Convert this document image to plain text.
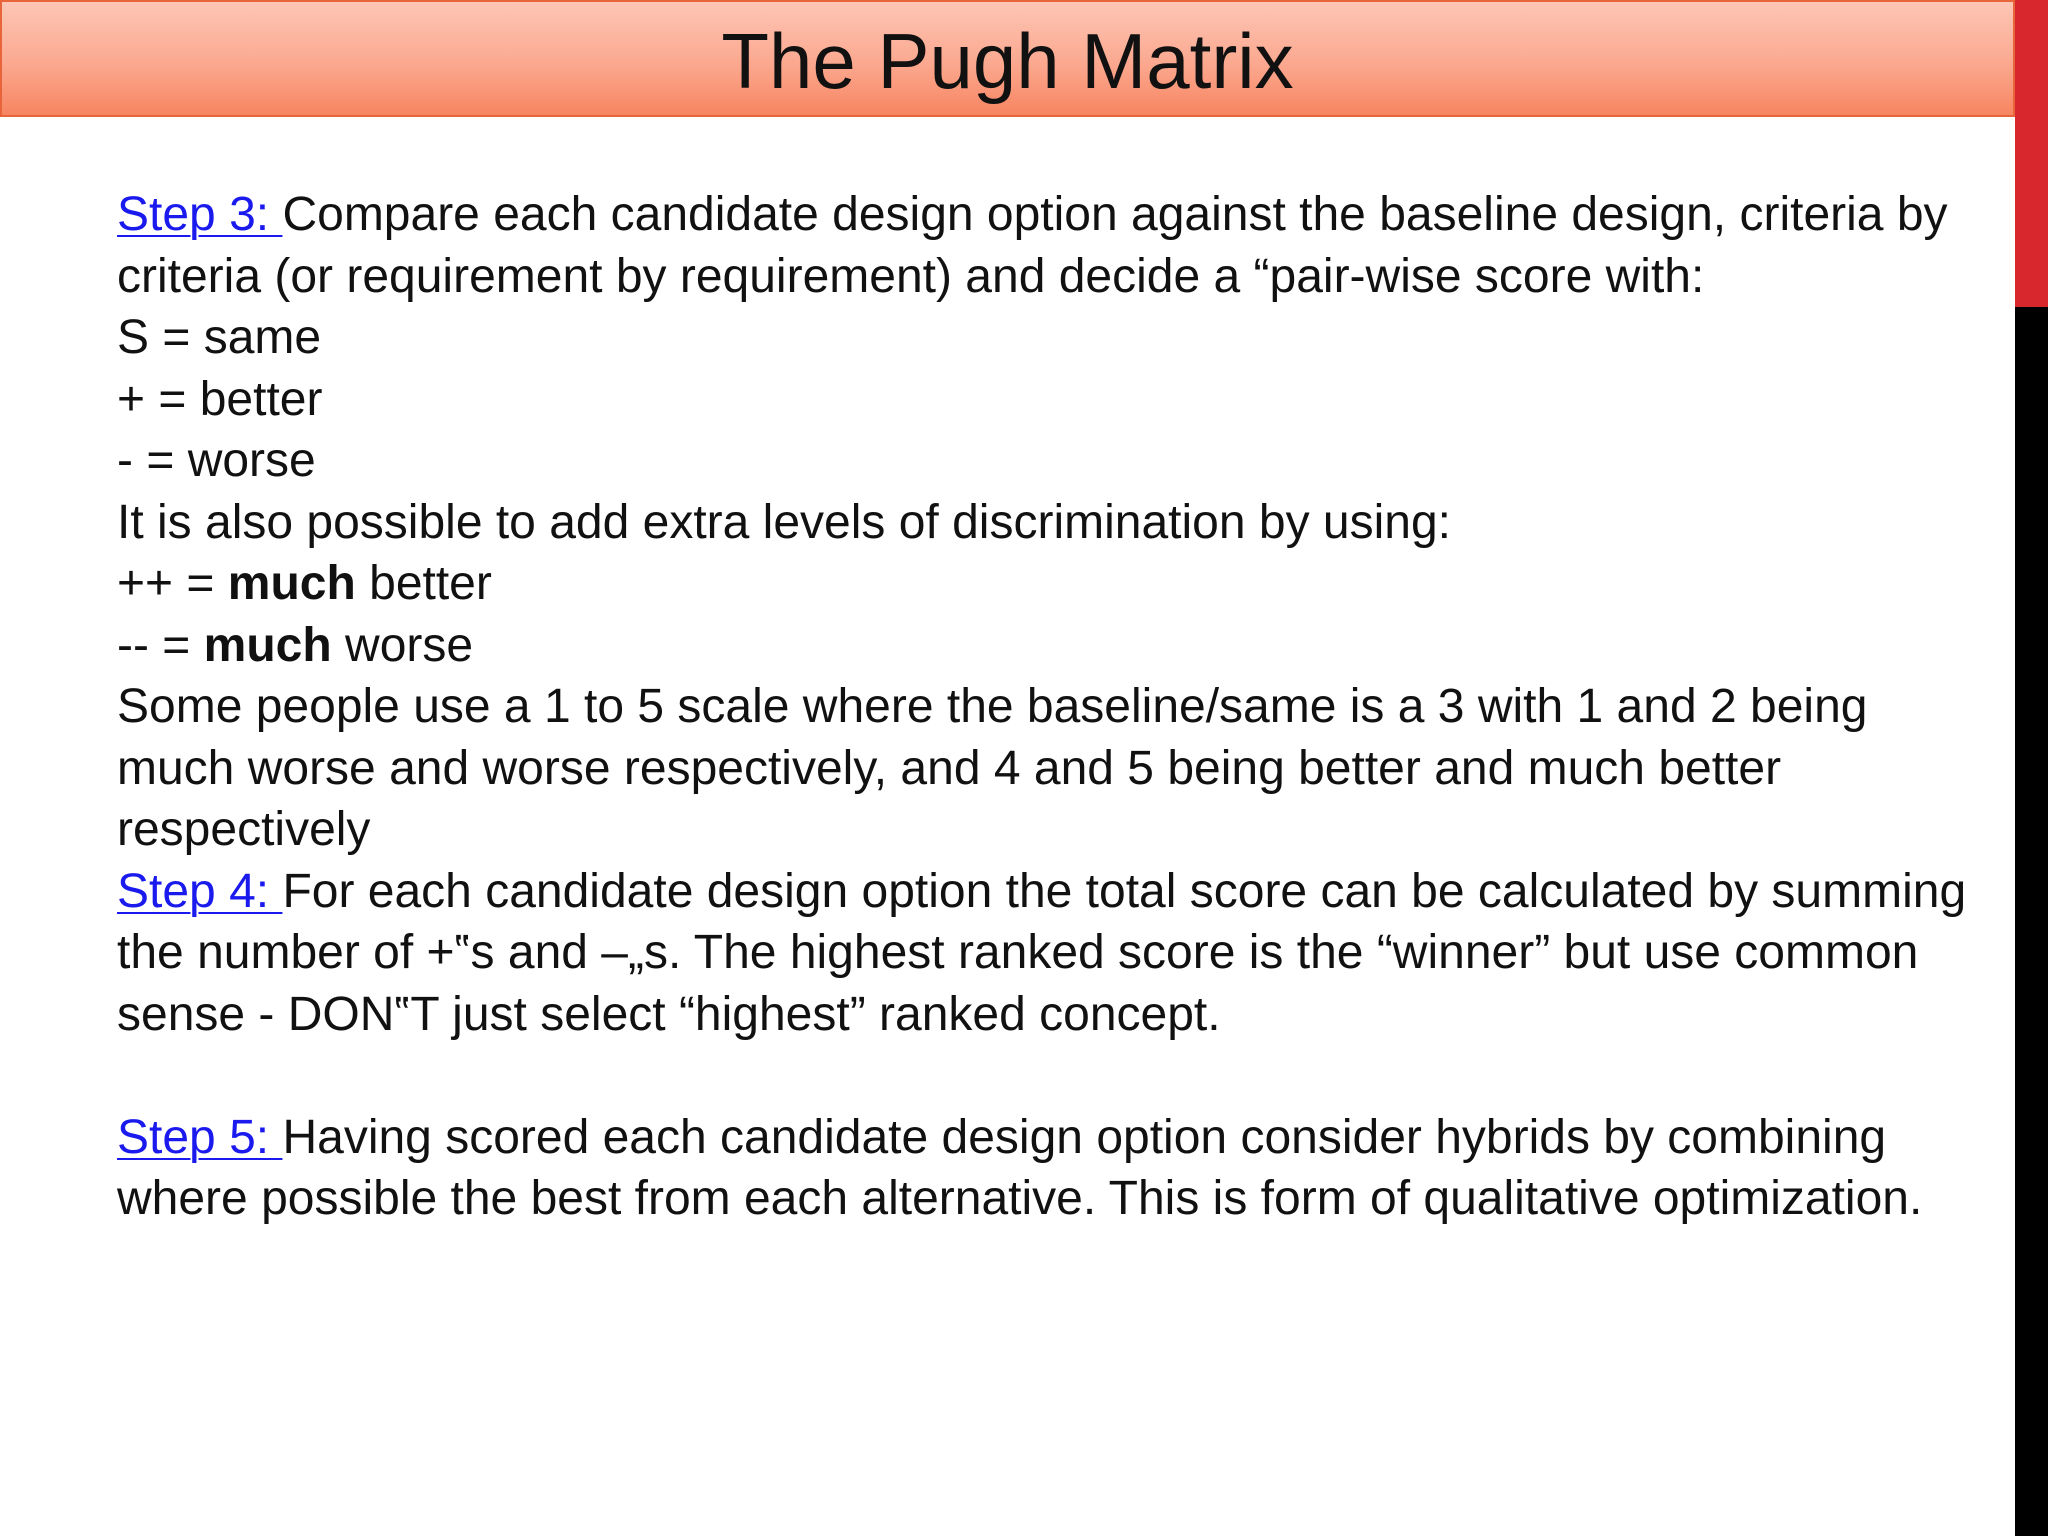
The Pugh Matrix

Step 3: Compare each candidate design option against the baseline design, criteria by criteria (or requirement by requirement) and decide a “pair-wise score with:

S = same

+ = better

- = worse

It is also possible to add extra levels of discrimination by using:

++ = much better

-- = much worse

Some people use a 1 to 5 scale where the baseline/same is a 3 with 1 and 2 being much worse and worse respectively, and 4 and 5 being better and much better respectively

Step 4: For each candidate design option the total score can be calculated by summing the number of +‟s and –„s. The highest ranked score is the “winner” but use common sense - DON‟T just select “highest” ranked concept.

Step 5: Having scored each candidate design option consider hybrids by combining where possible the best from each alternative. This is form of qualitative optimization.
